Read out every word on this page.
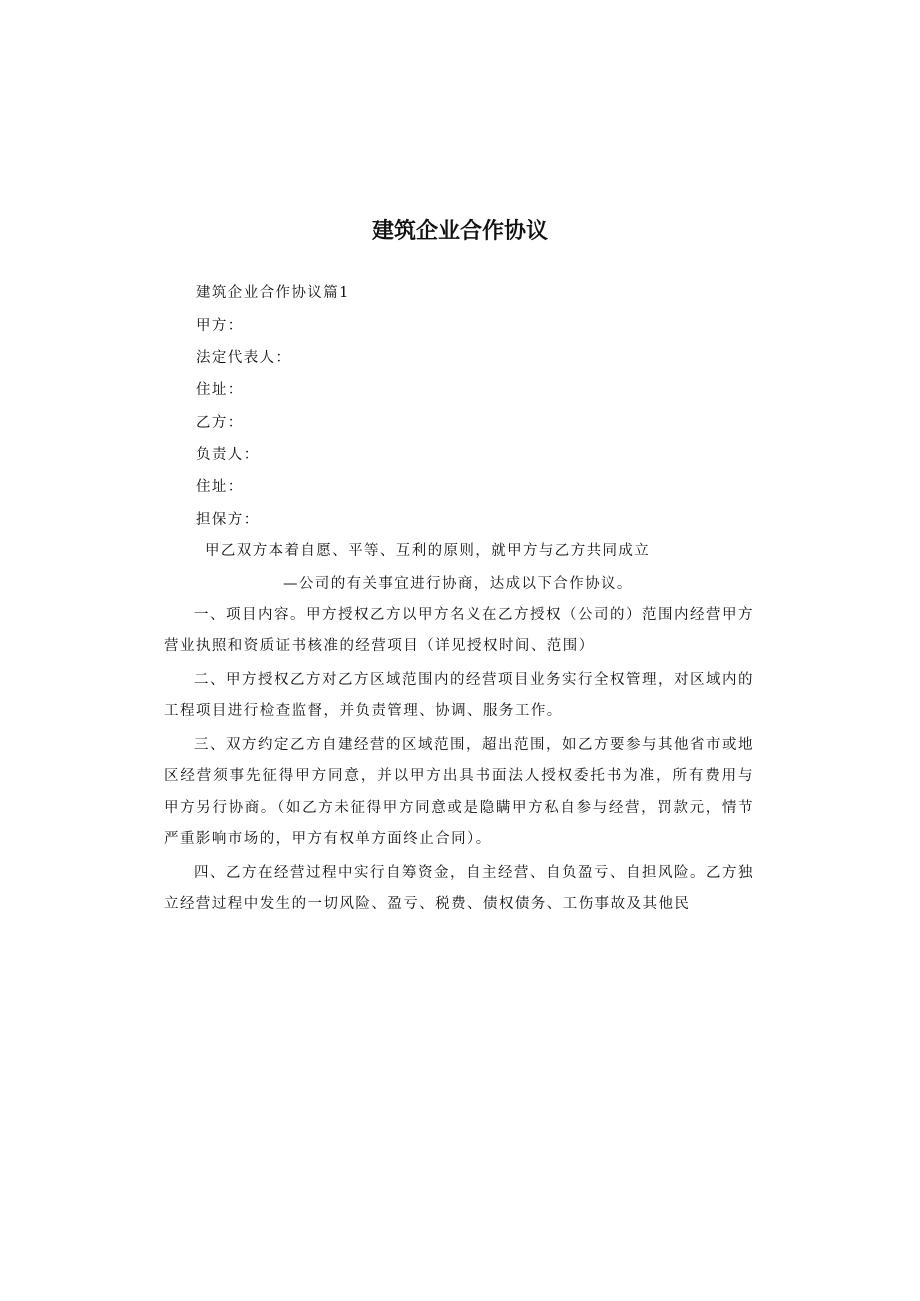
建筑企业合作协议
建筑企业合作协议篇1
甲方：
法定代表人：
住址：
乙方：
负责人：
住址：
担保方：
甲乙双方本着自愿、平等、互利的原则，就甲方与乙方共同成立
—公司的有关事宜进行协商，达成以下合作协议。
一、项目内容。甲方授权乙方以甲方名义在乙方授权（公司的）范围内经营甲方营业执照和资质证书核准的经营项目（详见授权时间、范围）
二、甲方授权乙方对乙方区域范围内的经营项目业务实行全权管理，对区域内的工程项目进行检查监督，并负责管理、协调、服务工作。
三、双方约定乙方自建经营的区域范围，超出范围，如乙方要参与其他省市或地区经营须事先征得甲方同意，并以甲方出具书面法人授权委托书为准，所有费用与甲方另行协商。（如乙方未征得甲方同意或是隐瞒甲方私自参与经营，罚款元，情节严重影响市场的，甲方有权单方面终止合同）。
四、乙方在经营过程中实行自筹资金，自主经营、自负盈亏、自担风险。乙方独立经营过程中发生的一切风险、盈亏、税费、债权债务、工伤事故及其他民
